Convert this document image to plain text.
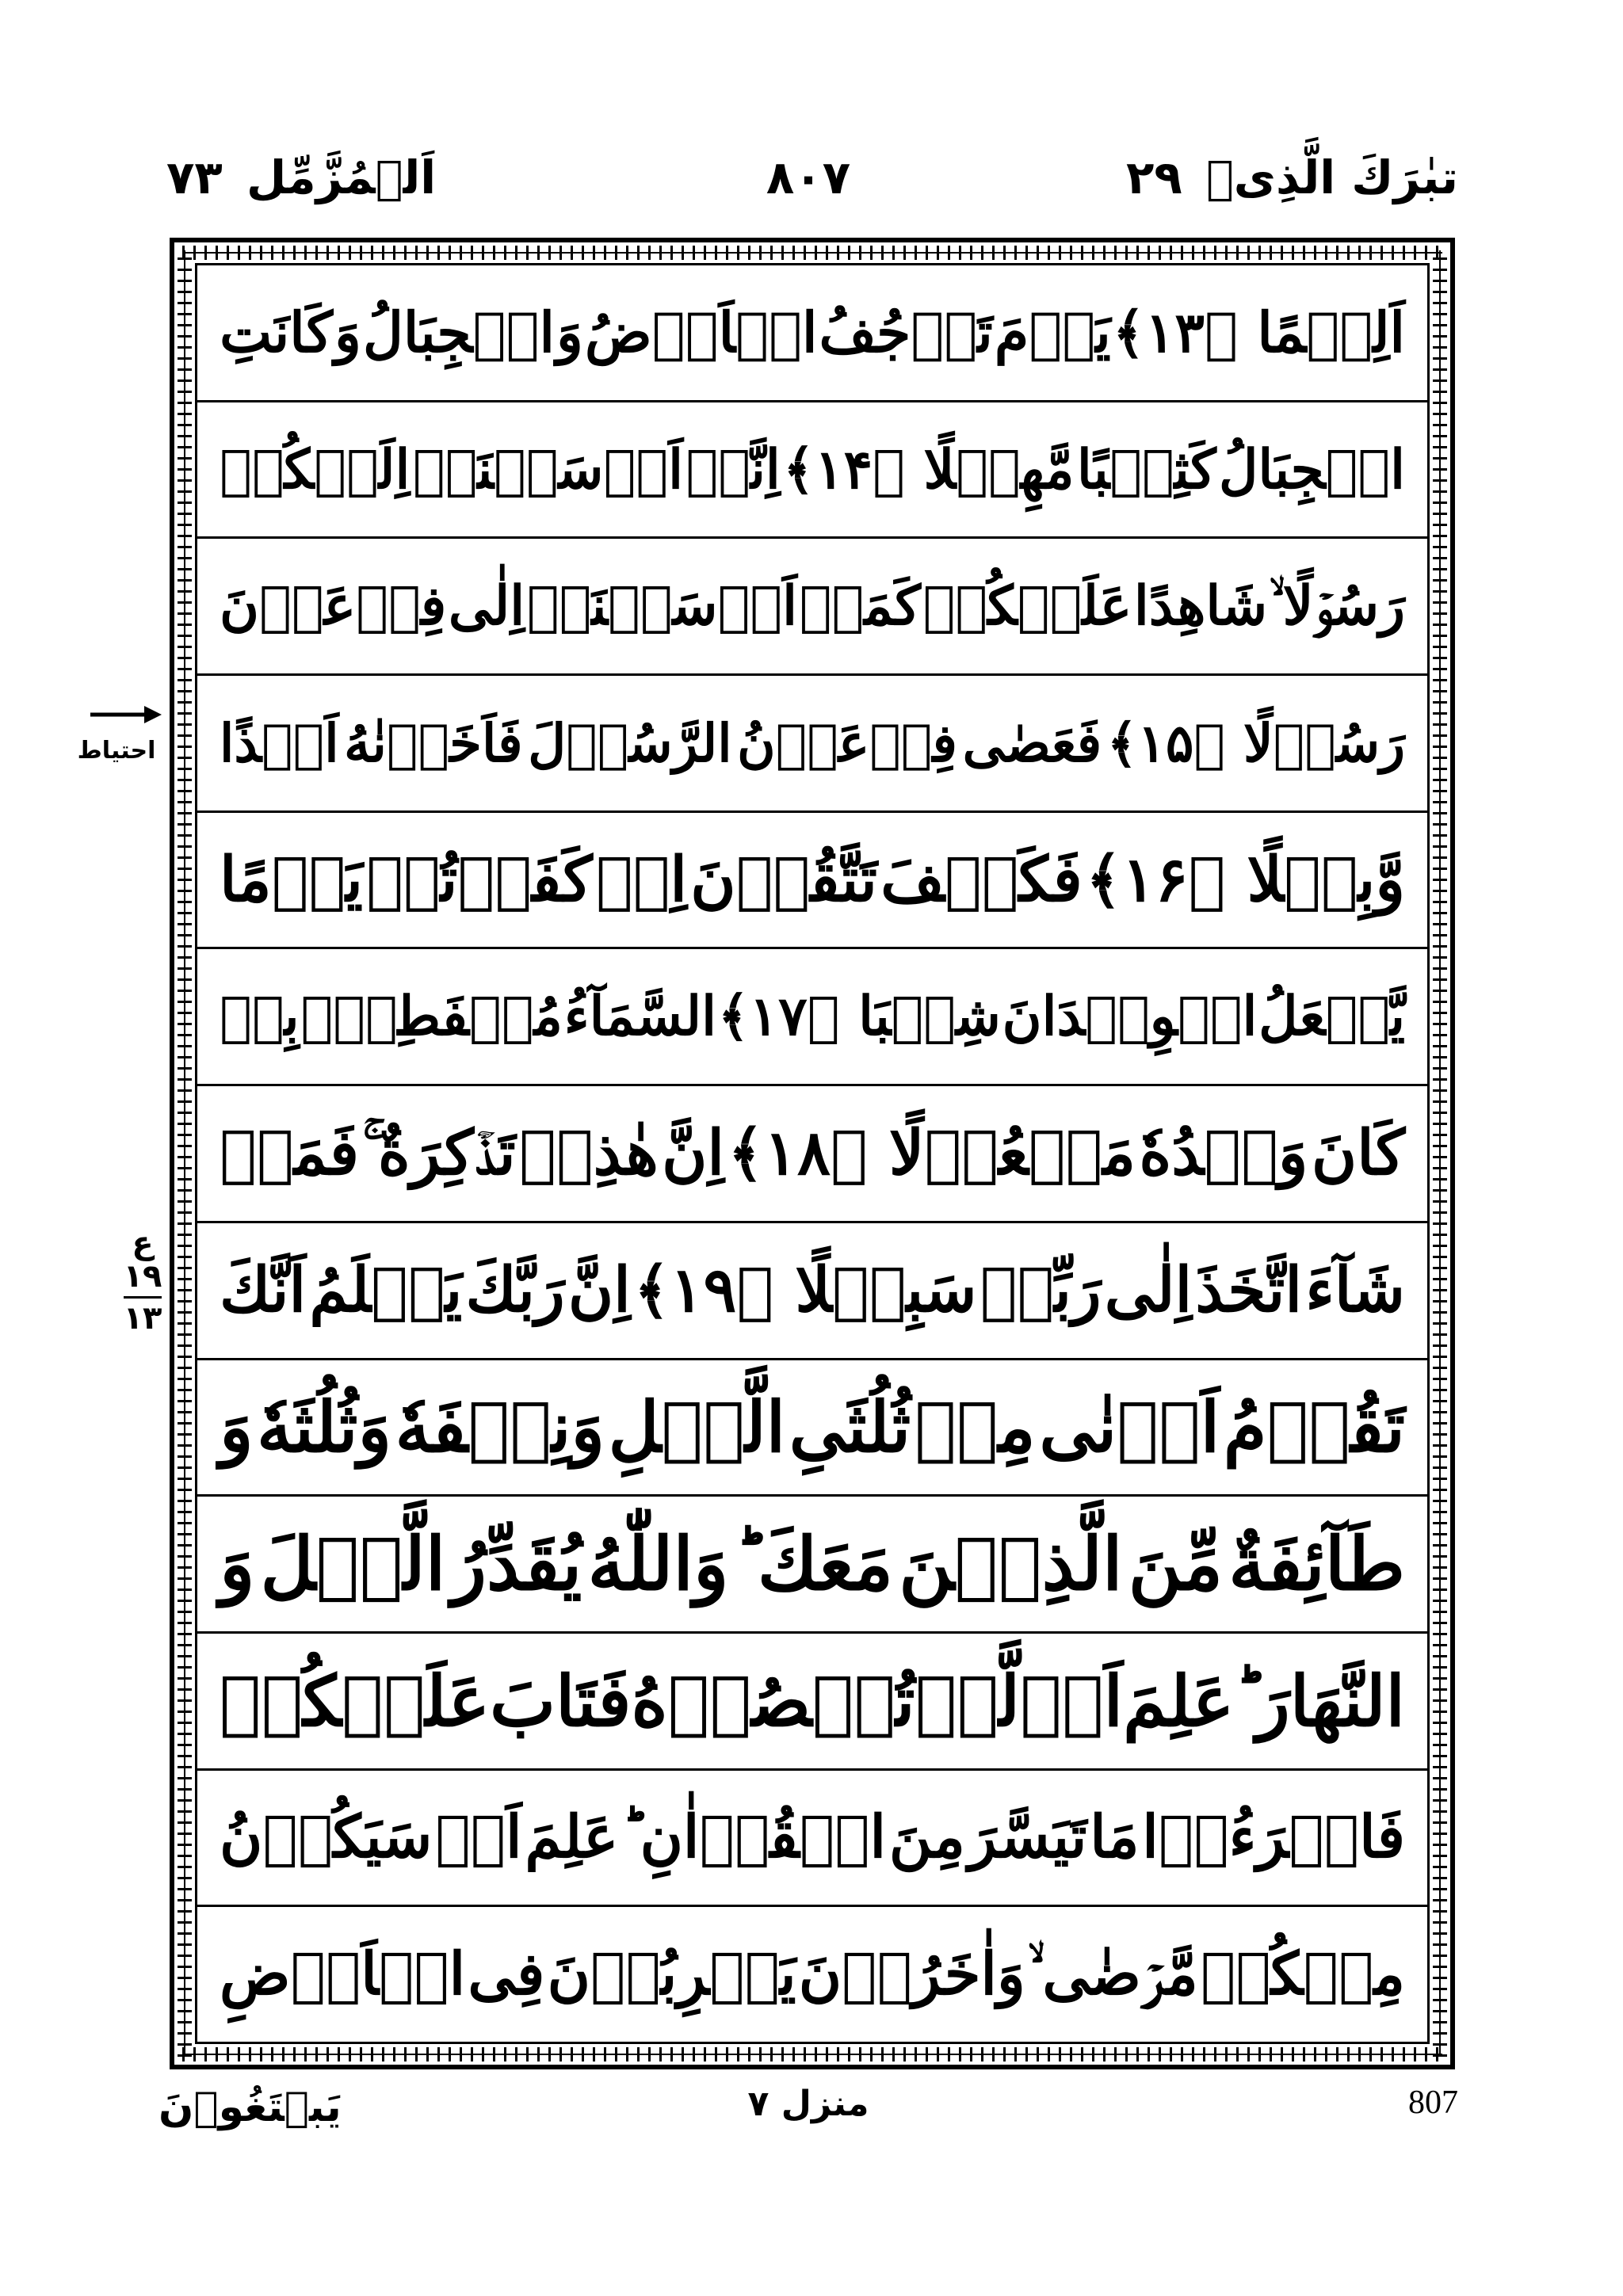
تبٰرَكَ الَّذِیۡ ۲۹
۸۰۷
اَلۡمُزَّمِّل ۷۳
اَلِیۡمًا ﴿۱۳﴾
یَوۡمَ
تَرۡجُفُ
الۡاَرۡضُ
وَ
الۡجِبَالُ
وَ
كَانَتِ
الۡجِبَالُ
كَثِیۡبًا
مَّهِیۡلًا ﴿۱۴﴾
اِنَّاۤ
اَرۡسَلۡنَاۤ
اِلَیۡكُمۡ
رَسُوۡلًا ۙ
شَاهِدًا
عَلَیۡكُمۡ
كَمَاۤ
اَرۡسَلۡنَاۤ
اِلٰی
فِرۡعَوۡنَ
رَسُوۡلًا ﴿۱۵﴾
فَعَصٰی
فِرۡعَوۡنُ
الرَّسُوۡلَ
فَاَخَذۡنٰهُ
اَخۡذًا
وَّبِیۡلًا ﴿۱۶﴾
فَكَیۡفَ
تَتَّقُوۡنَ
اِنۡ
كَفَرۡتُمۡ
یَوۡمًا
یَّجۡعَلُ
الۡوِلۡدَانَ
شِیۡبَا ﴿۱۷﴾
السَّمَآءُ
مُنۡفَطِرٌۢ
بِهٖ
كَانَ
وَعۡدُهٗ
مَفۡعُوۡلًا ﴿۱۸﴾
اِنَّ
هٰذِهٖ
تَذۡكِرَةٌ ۚ
فَمَنۡ
شَآءَ
اتَّخَذَ
اِلٰی
رَبِّهٖ
سَبِیۡلًا ﴿۱۹﴾
اِنَّ
رَبَّكَ
یَعۡلَمُ
اَنَّكَ
تَقُوۡمُ
اَدۡنٰی
مِنۡ
ثُلُثَیِ
الَّیۡلِ
وَنِصۡفَهٗ
وَثُلُثَهٗ
وَ
طَآئِفَةٌ
مِّنَ
الَّذِیۡنَ
مَعَكَ ؕ
وَاللّٰهُ
یُقَدِّرُ
الَّیۡلَ
وَ
النَّهَارَ ؕ
عَلِمَ
اَنۡ
لَّنۡ
تُحۡصُوۡهُ
فَتَابَ
عَلَیۡكُمۡ
فَاقۡرَءُوۡا
مَا
تَیَسَّرَ
مِنَ
الۡقُرۡاٰنِ ؕ
عَلِمَ
اَنۡ
سَیَكُوۡنُ
مِنۡكُمۡ
مَّرۡضٰی ۙ
وَاٰخَرُوۡنَ
یَضۡرِبُوۡنَ
فِی
الۡاَرۡضِ
احتیاط
ع
۱۹
۱۳
یَبۡتَغُوۡنَ	منزل ۷	807
